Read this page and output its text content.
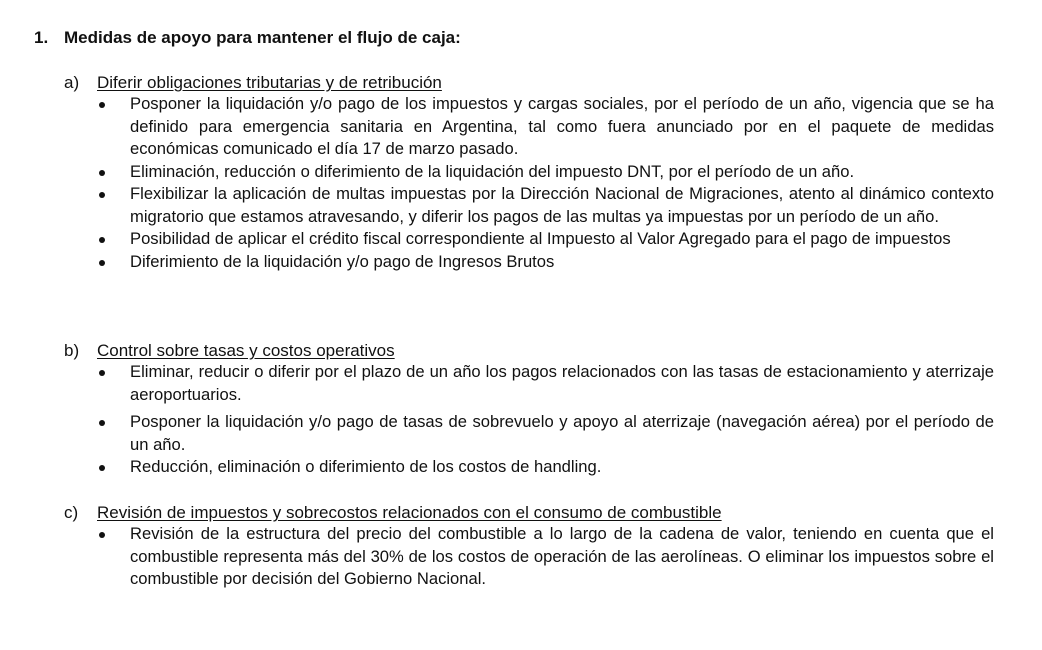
1. Medidas de apoyo para mantener el flujo de caja:
a) Diferir obligaciones tributarias y de retribución
Posponer la liquidación y/o pago de los impuestos y cargas sociales, por el período de un año, vigencia que se ha definido para emergencia sanitaria en Argentina, tal como fuera anunciado por en el paquete de medidas económicas comunicado el día 17 de marzo pasado.
Eliminación, reducción o diferimiento de la liquidación del impuesto DNT, por el período de un año.
Flexibilizar la aplicación de multas impuestas por la Dirección Nacional de Migraciones, atento al dinámico contexto migratorio que estamos atravesando, y diferir los pagos de las multas ya impuestas por un período de un año.
Posibilidad de aplicar el crédito fiscal correspondiente al Impuesto al Valor Agregado para el pago de impuestos
Diferimiento de la liquidación y/o pago de Ingresos Brutos
b) Control sobre tasas y costos operativos
Eliminar, reducir o diferir por el plazo de un año los pagos relacionados con las tasas de estacionamiento y aterrizaje aeroportuarios.
Posponer la liquidación y/o pago de tasas de sobrevuelo y apoyo al aterrizaje (navegación aérea) por el período de un año.
Reducción, eliminación o diferimiento de los costos de handling.
c) Revisión de impuestos y sobrecostos relacionados con el consumo de combustible
Revisión de la estructura del precio del combustible a lo largo de la cadena de valor, teniendo en cuenta que el combustible representa más del 30% de los costos de operación de las aerolíneas. O eliminar los impuestos sobre el combustible por decisión del Gobierno Nacional.
